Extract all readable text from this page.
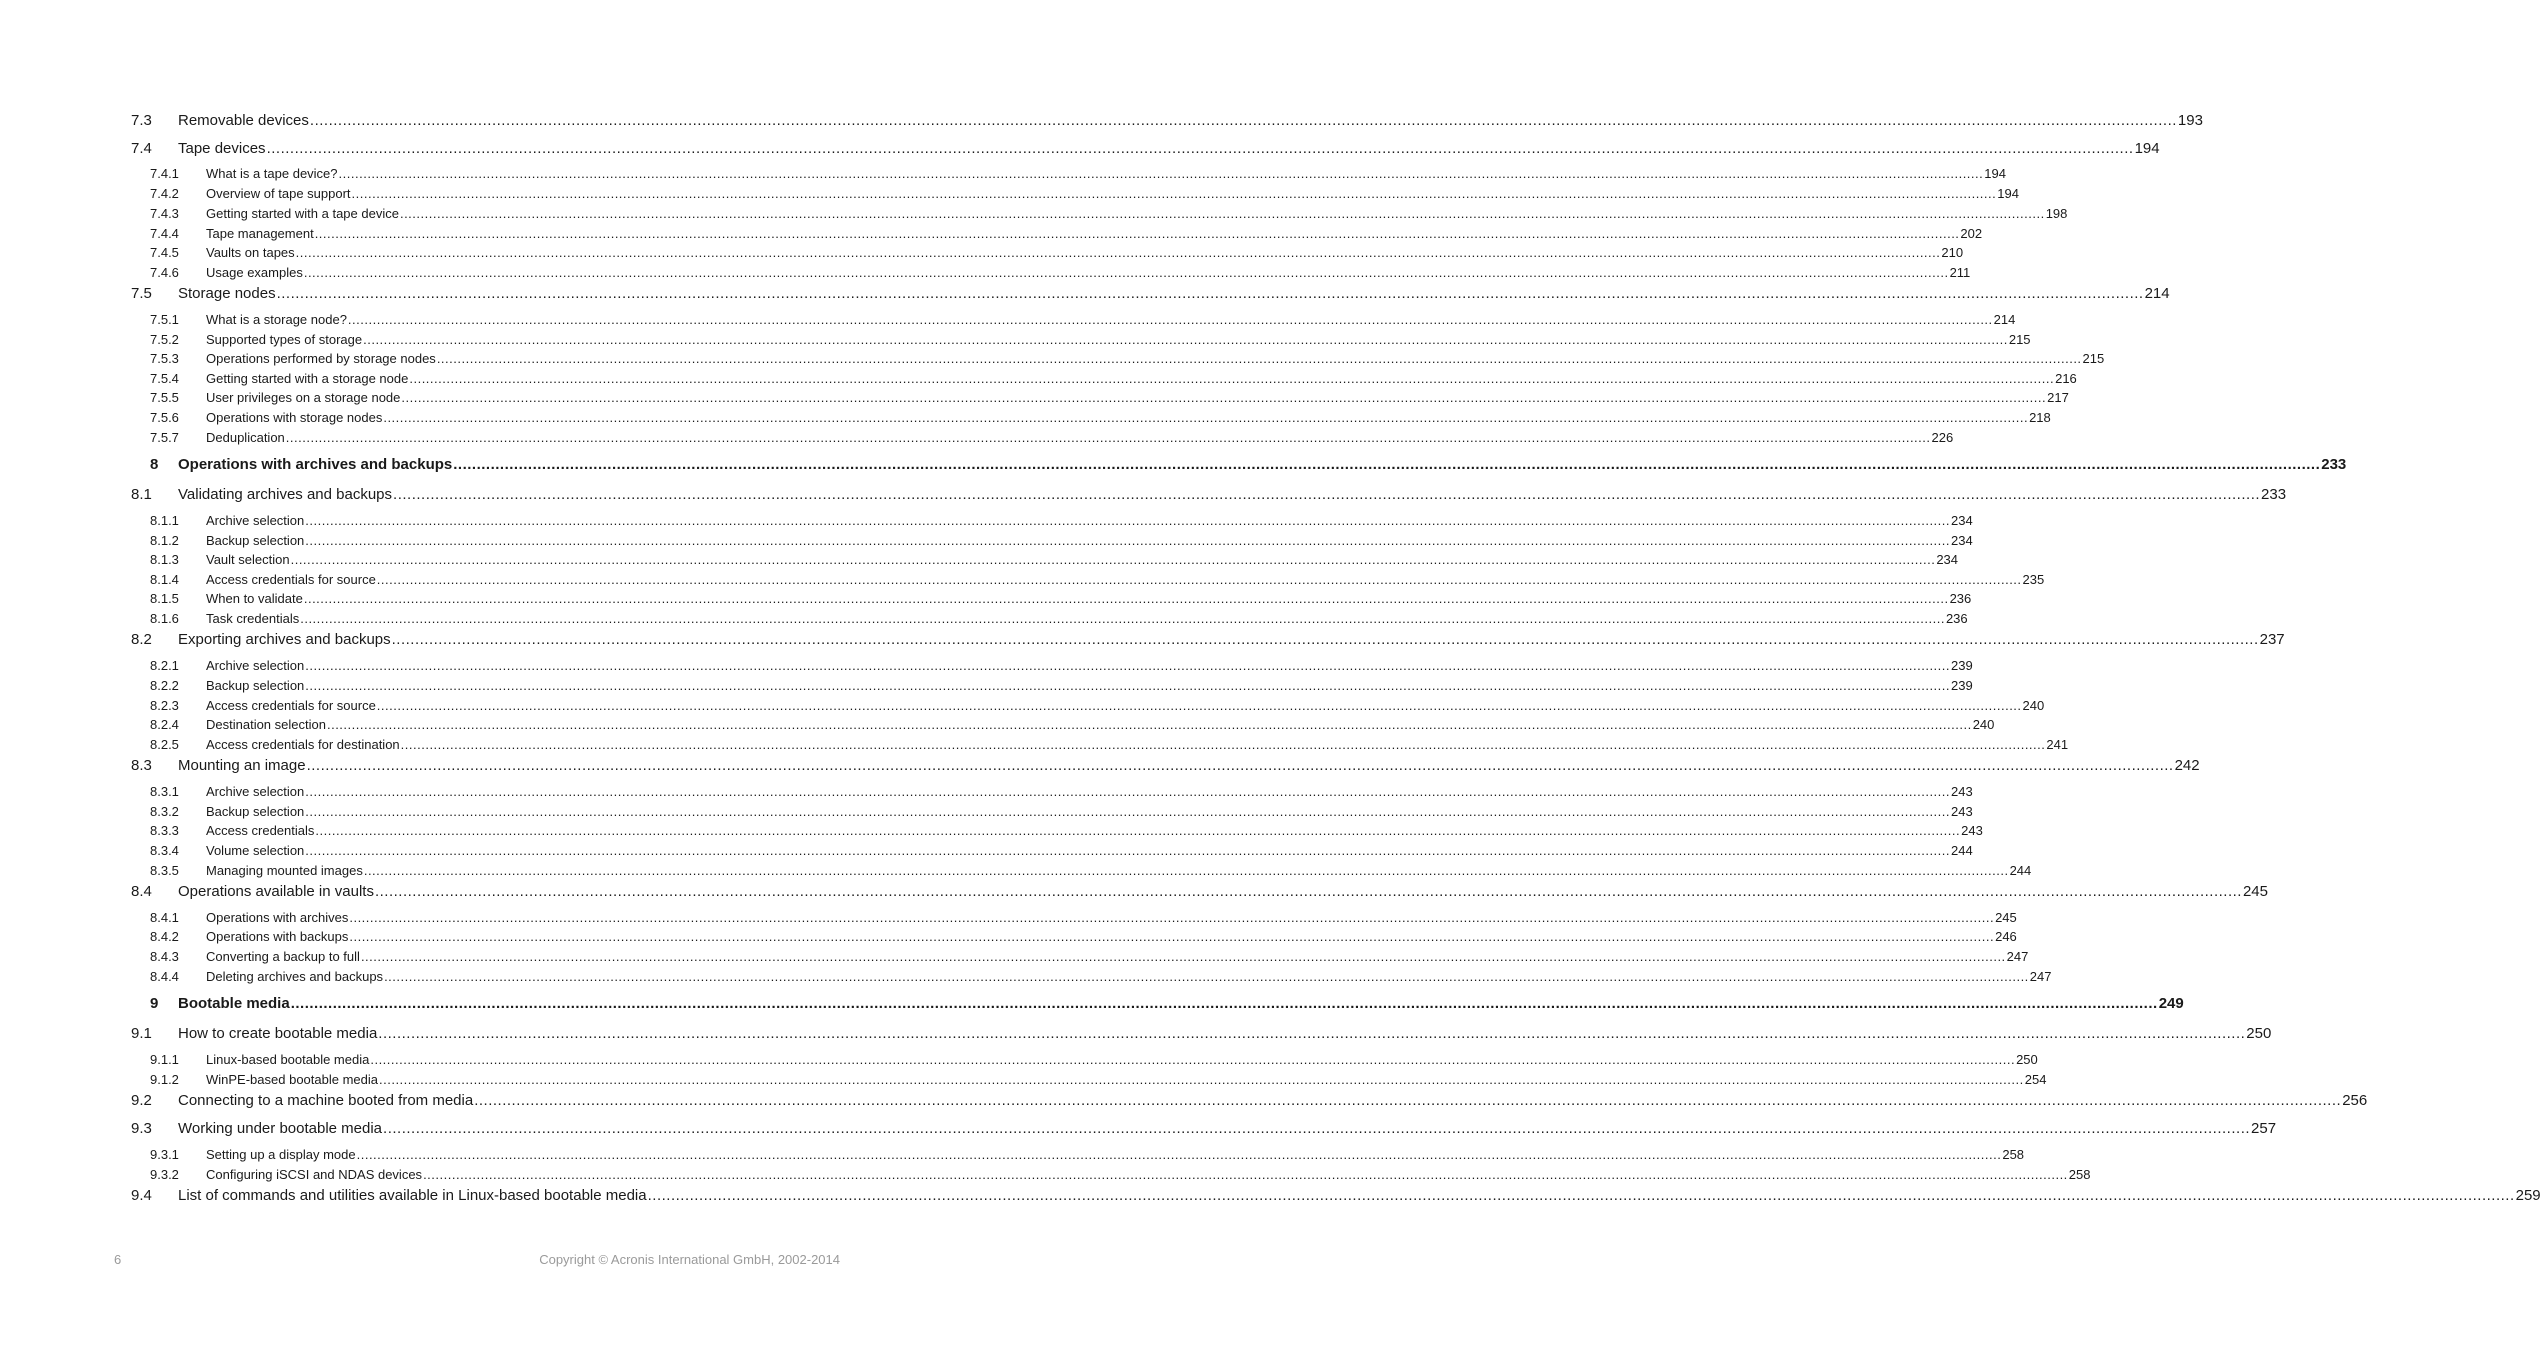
7.3	Removable devices ................................................................................................................................................................................................................................................................................................................................................................................................................ 193
7.4	Tape devices ................................................................................................................................................................................................................................................................................................................................................................................................................ 194
7.4.1	What is a tape device? ................................................................................................................................................................................................................................................................................................................................................................................................................ 194
7.4.2	Overview of tape support ................................................................................................................................................................................................................................................................................................................................................................................................................ 194
7.4.3	Getting started with a tape device ................................................................................................................................................................................................................................................................................................................................................................................................................ 198
7.4.4	Tape management ................................................................................................................................................................................................................................................................................................................................................................................................................ 202
7.4.5	Vaults on tapes ................................................................................................................................................................................................................................................................................................................................................................................................................ 210
7.4.6	Usage examples ................................................................................................................................................................................................................................................................................................................................................................................................................ 211
7.5	Storage nodes ................................................................................................................................................................................................................................................................................................................................................................................................................ 214
7.5.1	What is a storage node? ................................................................................................................................................................................................................................................................................................................................................................................................................ 214
7.5.2	Supported types of storage ................................................................................................................................................................................................................................................................................................................................................................................................................ 215
7.5.3	Operations performed by storage nodes ................................................................................................................................................................................................................................................................................................................................................................................................................ 215
7.5.4	Getting started with a storage node ................................................................................................................................................................................................................................................................................................................................................................................................................ 216
7.5.5	User privileges on a storage node ................................................................................................................................................................................................................................................................................................................................................................................................................ 217
7.5.6	Operations with storage nodes ................................................................................................................................................................................................................................................................................................................................................................................................................ 218
7.5.7	Deduplication ................................................................................................................................................................................................................................................................................................................................................................................................................ 226
8	Operations with archives and backups ................................................................................................................................................................................................................................................................................................................................................................................................................ 233
8.1	Validating archives and backups ................................................................................................................................................................................................................................................................................................................................................................................................................ 233
8.1.1	Archive selection ................................................................................................................................................................................................................................................................................................................................................................................................................ 234
8.1.2	Backup selection ................................................................................................................................................................................................................................................................................................................................................................................................................ 234
8.1.3	Vault selection ................................................................................................................................................................................................................................................................................................................................................................................................................ 234
8.1.4	Access credentials for source ................................................................................................................................................................................................................................................................................................................................................................................................................ 235
8.1.5	When to validate ................................................................................................................................................................................................................................................................................................................................................................................................................ 236
8.1.6	Task credentials ................................................................................................................................................................................................................................................................................................................................................................................................................ 236
8.2	Exporting archives and backups ................................................................................................................................................................................................................................................................................................................................................................................................................ 237
8.2.1	Archive selection ................................................................................................................................................................................................................................................................................................................................................................................................................ 239
8.2.2	Backup selection ................................................................................................................................................................................................................................................................................................................................................................................................................ 239
8.2.3	Access credentials for source ................................................................................................................................................................................................................................................................................................................................................................................................................ 240
8.2.4	Destination selection ................................................................................................................................................................................................................................................................................................................................................................................................................ 240
8.2.5	Access credentials for destination ................................................................................................................................................................................................................................................................................................................................................................................................................ 241
8.3	Mounting an image ................................................................................................................................................................................................................................................................................................................................................................................................................ 242
8.3.1	Archive selection ................................................................................................................................................................................................................................................................................................................................................................................................................ 243
8.3.2	Backup selection ................................................................................................................................................................................................................................................................................................................................................................................................................ 243
8.3.3	Access credentials ................................................................................................................................................................................................................................................................................................................................................................................................................ 243
8.3.4	Volume selection ................................................................................................................................................................................................................................................................................................................................................................................................................ 244
8.3.5	Managing mounted images ................................................................................................................................................................................................................................................................................................................................................................................................................ 244
8.4	Operations available in vaults ................................................................................................................................................................................................................................................................................................................................................................................................................ 245
8.4.1	Operations with archives ................................................................................................................................................................................................................................................................................................................................................................................................................ 245
8.4.2	Operations with backups ................................................................................................................................................................................................................................................................................................................................................................................................................ 246
8.4.3	Converting a backup to full ................................................................................................................................................................................................................................................................................................................................................................................................................ 247
8.4.4	Deleting archives and backups ................................................................................................................................................................................................................................................................................................................................................................................................................ 247
9	Bootable media ................................................................................................................................................................................................................................................................................................................................................................................................................ 249
9.1	How to create bootable media ................................................................................................................................................................................................................................................................................................................................................................................................................ 250
9.1.1	Linux-based bootable media ................................................................................................................................................................................................................................................................................................................................................................................................................ 250
9.1.2	WinPE-based bootable media ................................................................................................................................................................................................................................................................................................................................................................................................................ 254
9.2	Connecting to a machine booted from media ................................................................................................................................................................................................................................................................................................................................................................................................................ 256
9.3	Working under bootable media ................................................................................................................................................................................................................................................................................................................................................................................................................ 257
9.3.1	Setting up a display mode ................................................................................................................................................................................................................................................................................................................................................................................................................ 258
9.3.2	Configuring iSCSI and NDAS devices ................................................................................................................................................................................................................................................................................................................................................................................................................ 258
9.4	List of commands and utilities available in Linux-based bootable media ................................................................................................................................................................................................................................................................................................................................................................................................................ 259
6	Copyright © Acronis International GmbH, 2002-2014
